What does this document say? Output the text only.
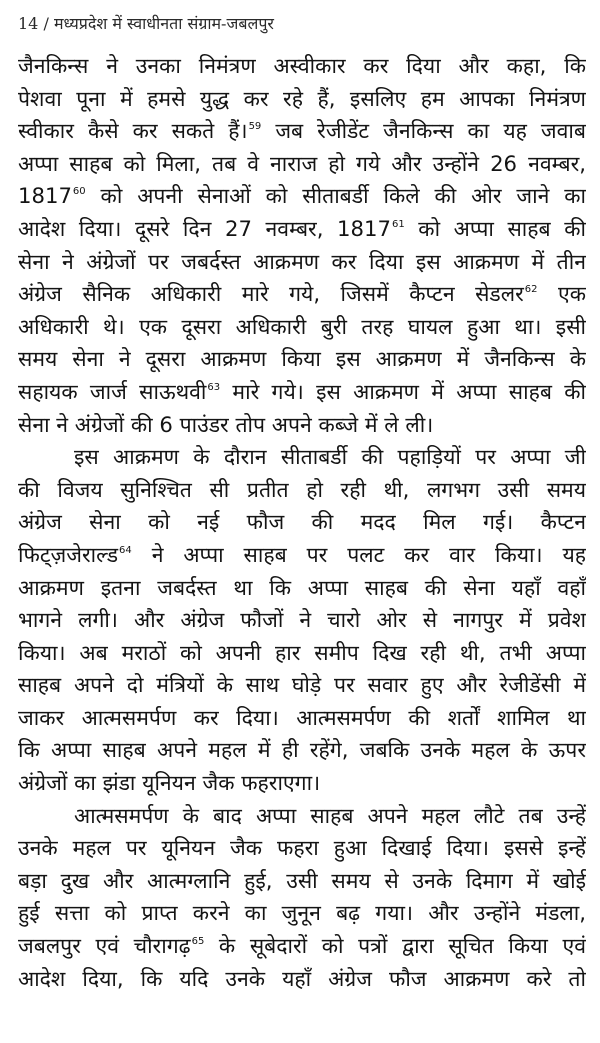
14 / मध्यप्रदेश में स्वाधीनता संग्राम-जबलपुर
जैनकिन्स ने उनका निमंत्रण अस्वीकार कर दिया और कहा, कि
पेशवा पूना में हमसे युद्ध कर रहे हैं, इसलिए हम आपका निमंत्रण
स्वीकार कैसे कर सकते हैं।$^{59}$ जब रेजीडेंट जैनकिन्स का यह जवाब
अप्पा साहब को मिला, तब वे नाराज हो गये और उन्होंने 26 नवम्बर,
1817$^{60}$ को अपनी सेनाओं को सीताबर्डी किले की ओर जाने का
आदेश दिया। दूसरे दिन 27 नवम्बर, 1817$^{61}$ को अप्पा साहब की
सेना ने अंग्रेजों पर जबर्दस्त आक्रमण कर दिया इस आक्रमण में तीन
अंग्रेज सैनिक अधिकारी मारे गये, जिसमें कैप्टन सेडलर$^{62}$ एक
अधिकारी थे। एक दूसरा अधिकारी बुरी तरह घायल हुआ था। इसी
समय सेना ने दूसरा आक्रमण किया इस आक्रमण में जैनकिन्स के
सहायक जार्ज साऊथवी$^{63}$ मारे गये। इस आक्रमण में अप्पा साहब की
सेना ने अंग्रेजों की 6 पाउंडर तोप अपने कब्जे में ले ली।
इस आक्रमण के दौरान सीताबर्डी की पहाड़ियों पर अप्पा जी
की विजय सुनिश्चित सी प्रतीत हो रही थी, लगभग उसी समय
अंग्रेज सेना को नई फौज की मदद मिल गई। कैप्टन
फिट्ज़जेराल्ड$^{64}$ ने अप्पा साहब पर पलट कर वार किया। यह
आक्रमण इतना जबर्दस्त था कि अप्पा साहब की सेना यहाँ वहाँ
भागने लगी। और अंग्रेज फौजों ने चारो ओर से नागपुर में प्रवेश
किया। अब मराठों को अपनी हार समीप दिख रही थी, तभी अप्पा
साहब अपने दो मंत्रियों के साथ घोड़े पर सवार हुए और रेजीडेंसी में
जाकर आत्मसमर्पण कर दिया। आत्मसमर्पण की शर्तों शामिल था
कि अप्पा साहब अपने महल में ही रहेंगे, जबकि उनके महल के ऊपर
अंग्रेजों का झंडा यूनियन जैक फहराएगा।
आत्मसमर्पण के बाद अप्पा साहब अपने महल लौटे तब उन्हें
उनके महल पर यूनियन जैक फहरा हुआ दिखाई दिया। इससे इन्हें
बड़ा दुख और आत्मग्लानि हुई, उसी समय से उनके दिमाग में खोई
हुई सत्ता को प्राप्त करने का जुनून बढ़ गया। और उन्होंने मंडला,
जबलपुर एवं चौरागढ़$^{65}$ के सूबेदारों को पत्रों द्वारा सूचित किया एवं
आदेश दिया, कि यदि उनके यहाँ अंग्रेज फौज आक्रमण करे तो
